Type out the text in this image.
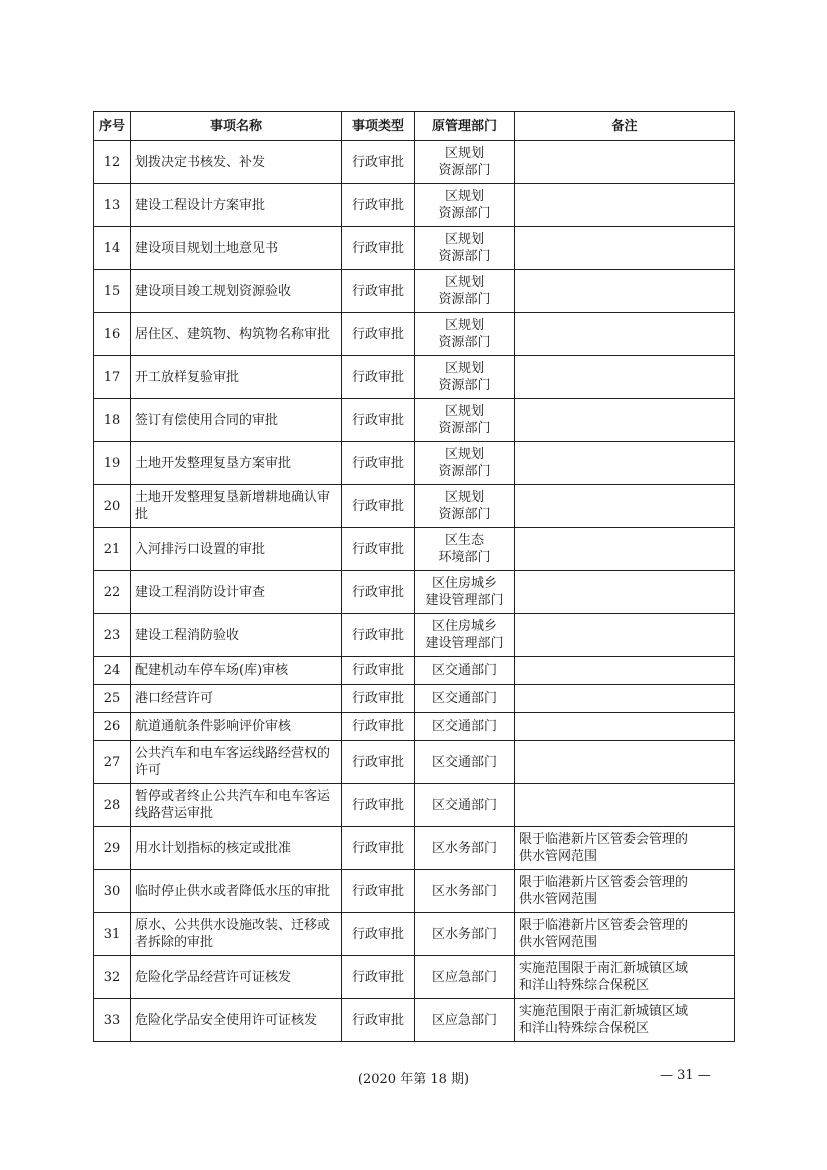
序号	事项名称	事项类型	原管理部门	备注
12	划拨决定书核发、补发	行政审批	区规划
资源部门	

13	建设工程设计方案审批	行政审批	区规划
资源部门	

14	建设项目规划土地意见书	行政审批	区规划
资源部门	

15	建设项目竣工规划资源验收	行政审批	区规划
资源部门	

16	居住区、建筑物、构筑物名称审批	行政审批	区规划
资源部门	

17	开工放样复验审批	行政审批	区规划
资源部门	

18	签订有偿使用合同的审批	行政审批	区规划
资源部门	

19	土地开发整理复垦方案审批	行政审批	区规划
资源部门	

20	土地开发整理复垦新增耕地确认审批	行政审批	区规划
资源部门	

21	入河排污口设置的审批	行政审批	区生态
环境部门	

22	建设工程消防设计审查	行政审批	区住房城乡
建设管理部门	

23	建设工程消防验收	行政审批	区住房城乡
建设管理部门	

24	配建机动车停车场(库)审核	行政审批	区交通部门	

25	港口经营许可	行政审批	区交通部门	

26	航道通航条件影响评价审核	行政审批	区交通部门	

27	公共汽车和电车客运线路经营权的许可	行政审批	区交通部门	

28	暂停或者终止公共汽车和电车客运线路营运审批	行政审批	区交通部门	

29	用水计划指标的核定或批准	行政审批	区水务部门	限于临港新片区管委会管理的
供水管网范围

30	临时停止供水或者降低水压的审批	行政审批	区水务部门	限于临港新片区管委会管理的
供水管网范围

31	原水、公共供水设施改装、迁移或者拆除的审批	行政审批	区水务部门	限于临港新片区管委会管理的
供水管网范围

32	危险化学品经营许可证核发	行政审批	区应急部门	实施范围限于南汇新城镇区域
和洋山特殊综合保税区

33	危险化学品安全使用许可证核发	行政审批	区应急部门	实施范围限于南汇新城镇区域
和洋山特殊综合保税区
(2020 年第 18 期)	— 31 —
